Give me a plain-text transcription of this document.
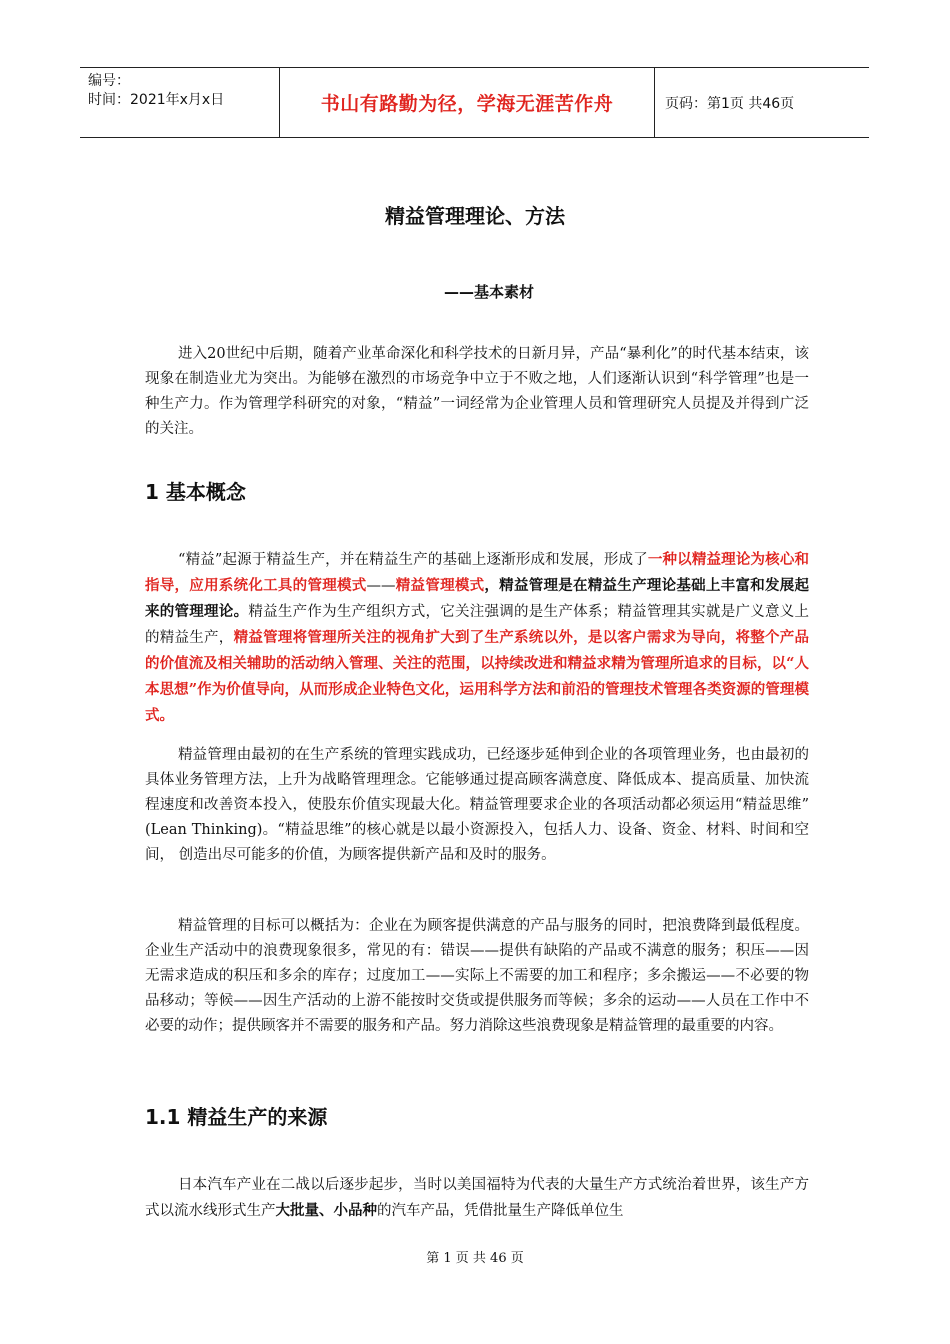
编号：
时间：2021年x月x日	书山有路勤为径，学海无涯苦作舟	页码：第1页 共46页
精益管理理论、方法
——基本素材

进入20世纪中后期，随着产业革命深化和科学技术的日新月异，产品“暴利化”的时代基本结束，该现象在制造业尤为突出。为能够在激烈的市场竞争中立于不败之地，人们逐渐认识到“科学管理”也是一种生产力。作为管理学科研究的对象，“精益”一词经常为企业管理人员和管理研究人员提及并得到广泛的关注。

1 基本概念

“精益”起源于精益生产，并在精益生产的基础上逐渐形成和发展，形成了一种以精益理论为核心和指导，应用系统化工具的管理模式——精益管理模式，精益管理是在精益生产理论基础上丰富和发展起来的管理理论。精益生产作为生产组织方式，它关注强调的是生产体系；精益管理其实就是广义意义上的精益生产，精益管理将管理所关注的视角扩大到了生产系统以外，是以客户需求为导向，将整个产品的价值流及相关辅助的活动纳入管理、关注的范围，以持续改进和精益求精为管理所追求的目标，以“人本思想”作为价值导向，从而形成企业特色文化，运用科学方法和前沿的管理技术管理各类资源的管理模式。

精益管理由最初的在生产系统的管理实践成功，已经逐步延伸到企业的各项管理业务，也由最初的具体业务管理方法，上升为战略管理理念。它能够通过提高顾客满意度、降低成本、提高质量、加快流程速度和改善资本投入，使股东价值实现最大化。精益管理要求企业的各项活动都必须运用“精益思维” (Lean Thinking)。“精益思维”的核心就是以最小资源投入，包括人力、设备、资金、材料、时间和空间， 创造出尽可能多的价值，为顾客提供新产品和及时的服务。

精益管理的目标可以概括为：企业在为顾客提供满意的产品与服务的同时，把浪费降到最低程度。企业生产活动中的浪费现象很多，常见的有：错误——提供有缺陷的产品或不满意的服务；积压——因无需求造成的积压和多余的库存；过度加工——实际上不需要的加工和程序；多余搬运——不必要的物品移动；等候——因生产活动的上游不能按时交货或提供服务而等候；多余的运动——人员在工作中不必要的动作；提供顾客并不需要的服务和产品。努力消除这些浪费现象是精益管理的最重要的内容。

1.1 精益生产的来源

日本汽车产业在二战以后逐步起步，当时以美国福特为代表的大量生产方式统治着世界，该生产方式以流水线形式生产大批量、小品种的汽车产品，凭借批量生产降低单位生

第 1 页 共 46 页
